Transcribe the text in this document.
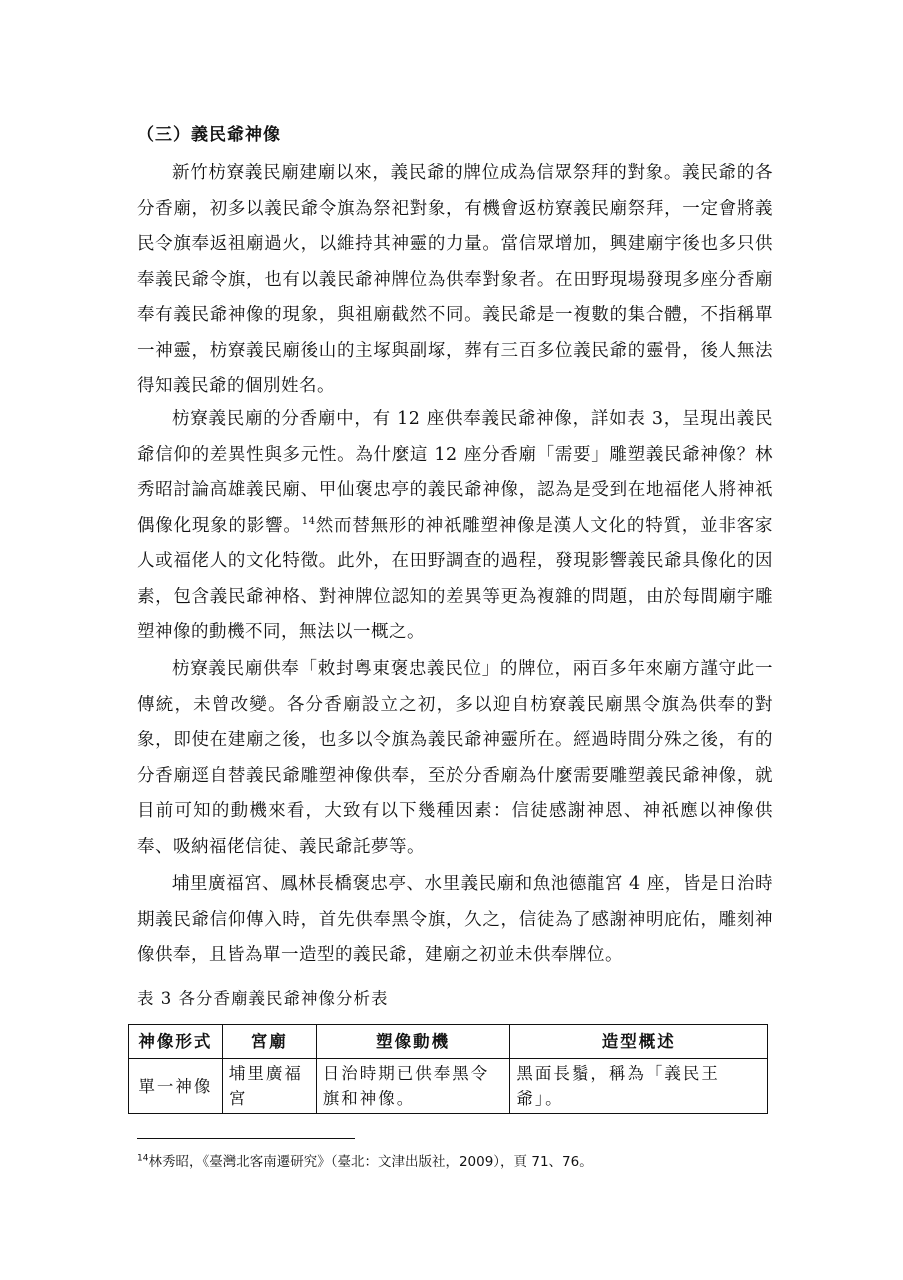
（三）義民爺神像

新竹枋寮義民廟建廟以來，義民爺的牌位成為信眾祭拜的對象。義民爺的各分香廟，初多以義民爺令旗為祭祀對象，有機會返枋寮義民廟祭拜，一定會將義民令旗奉返祖廟過火，以維持其神靈的力量。當信眾增加，興建廟宇後也多只供奉義民爺令旗，也有以義民爺神牌位為供奉對象者。在田野現場發現多座分香廟奉有義民爺神像的現象，與祖廟截然不同。義民爺是一複數的集合體，不指稱單一神靈，枋寮義民廟後山的主塚與副塚，葬有三百多位義民爺的靈骨，後人無法得知義民爺的個別姓名。

枋寮義民廟的分香廟中，有 12 座供奉義民爺神像，詳如表 3，呈現出義民爺信仰的差異性與多元性。為什麼這 12 座分香廟「需要」雕塑義民爺神像？林秀昭討論高雄義民廟、甲仙褒忠亭的義民爺神像，認為是受到在地福佬人將神祇偶像化現象的影響。$^{14}$然而替無形的神祇雕塑神像是漢人文化的特質，並非客家人或福佬人的文化特徵。此外，在田野調查的過程，發現影響義民爺具像化的因素，包含義民爺神格、對神牌位認知的差異等更為複雜的問題，由於每間廟宇雕塑神像的動機不同，無法以一概之。

枋寮義民廟供奉「敕封粵東褒忠義民位」的牌位，兩百多年來廟方謹守此一傳統，未曾改變。各分香廟設立之初，多以迎自枋寮義民廟黑令旗為供奉的對象，即使在建廟之後，也多以令旗為義民爺神靈所在。經過時間分殊之後，有的分香廟逕自替義民爺雕塑神像供奉，至於分香廟為什麼需要雕塑義民爺神像，就目前可知的動機來看，大致有以下幾種因素：信徒感謝神恩、神祇應以神像供奉、吸納福佬信徒、義民爺託夢等。

埔里廣福宮、鳳林長橋褒忠亭、水里義民廟和魚池德龍宮 4 座，皆是日治時期義民爺信仰傳入時，首先供奉黑令旗，久之，信徒為了感謝神明庇佑，雕刻神像供奉，且皆為單一造型的義民爺，建廟之初並未供奉牌位。

表 3 各分香廟義民爺神像分析表
神像形式	宮廟	塑像動機	造型概述
單一神像	埔里廣福宮	日治時期已供奉黑令旗和神像。	黑面長鬚，稱為「義民王爺」。
$^{14}$林秀昭，《臺灣北客南遷研究》（臺北：文津出版社，2009），頁 71、76。
